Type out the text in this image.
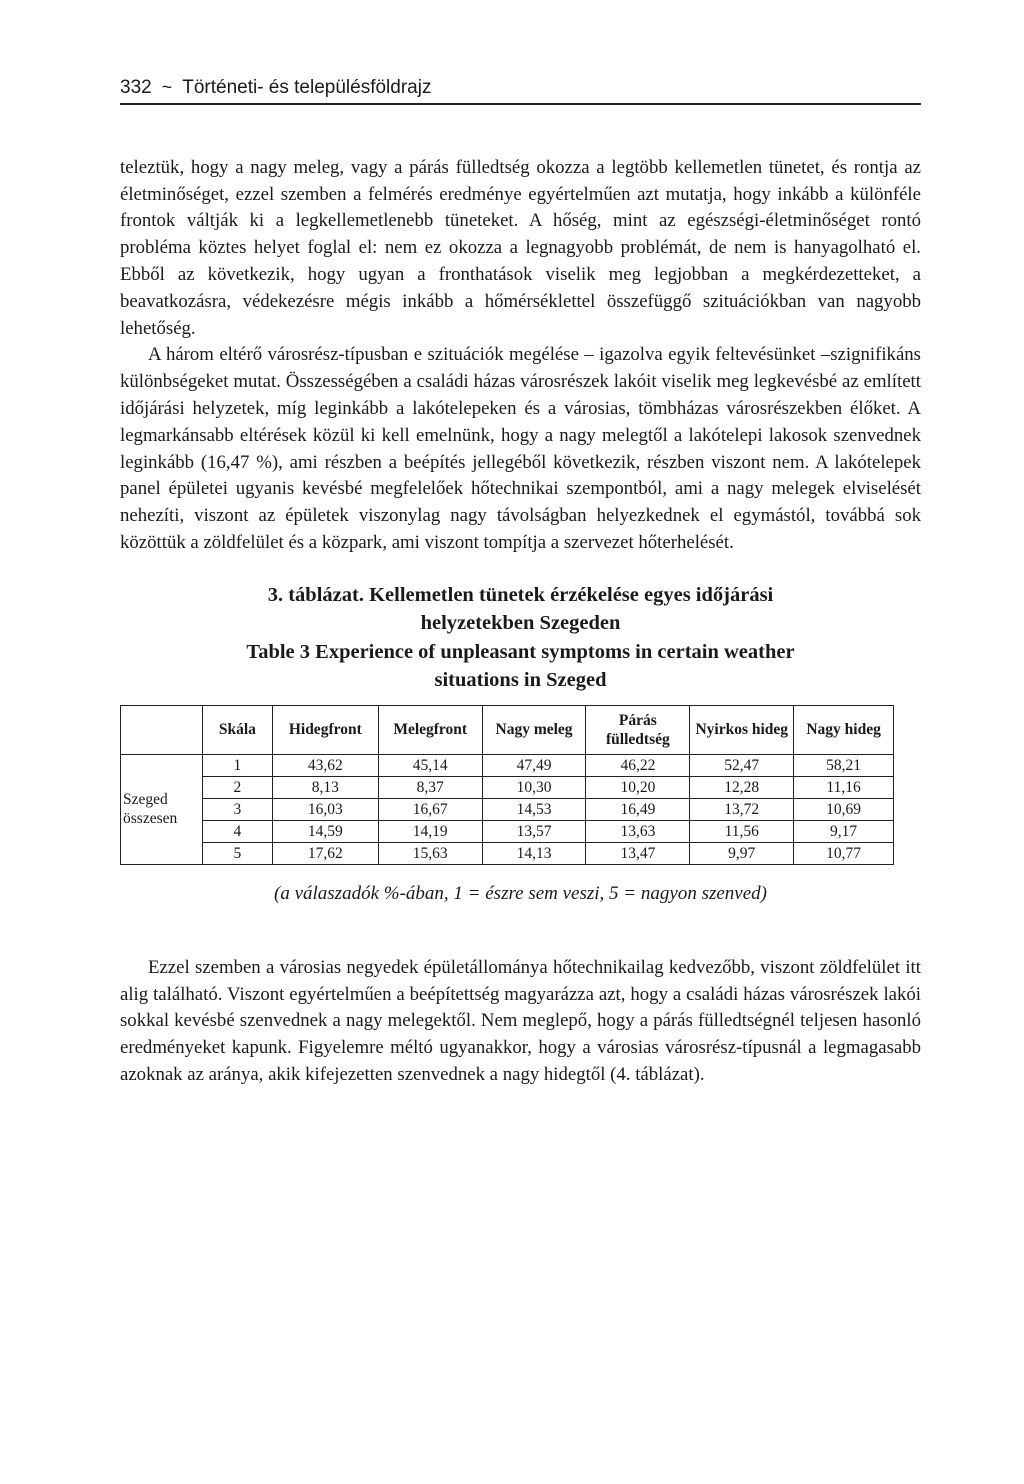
332 ~ Történeti- és településföldrajz

teleztük, hogy a nagy meleg, vagy a párás fülledtség okozza a legtöbb kellemetlen tünetet, és rontja az életminőséget, ezzel szemben a felmérés eredménye egyértelműen azt mutatja, hogy inkább a különféle frontok váltják ki a legkellemetlenebb tüneteket. A hőség, mint az egészségi-életminőséget rontó probléma köztes helyet foglal el: nem ez okozza a legnagyobb problémát, de nem is hanyagolható el. Ebből az következik, hogy ugyan a fronthatások viselik meg legjobban a megkérdezetteket, a beavatkozásra, védekezésre mégis inkább a hőmérséklettel összefüggő szituációkban van nagyobb lehetőség.

A három eltérő városrész-típusban e szituációk megélése – igazolva egyik feltevésünket –szignifikáns különbségeket mutat. Összességében a családi házas városrészek lakóit viselik meg legkevésbé az említett időjárási helyzetek, míg leginkább a lakótelepeken és a városias, tömbházas városrészekben élőket. A legmarkánsabb eltérések közül ki kell emelnünk, hogy a nagy melegtől a lakótelepi lakosok szenvednek leginkább (16,47 %), ami részben a beépítés jellegéből következik, részben viszont nem. A lakótelepek panel épületei ugyanis kevésbé megfelelőek hőtechnikai szempontból, ami a nagy melegek elviselését nehezíti, viszont az épületek viszonylag nagy távolságban helyezkednek el egymástól, továbbá sok közöttük a zöldfelület és a közpark, ami viszont tompítja a szervezet hőterhelését.

3. táblázat. Kellemetlen tünetek érzékelése egyes időjárási
helyzetekben Szegeden
Table 3 Experience of unpleasant symptoms in certain weather
situations in Szeged
	Skála	Hidegfront	Melegfront	Nagy meleg	Párás fülledtség	Nyirkos hideg	Nagy hideg
Szeged összesen	1	43,62	45,14	47,49	46,22	52,47	58,21
	2	8,13	8,37	10,30	10,20	12,28	11,16
	3	16,03	16,67	14,53	16,49	13,72	10,69
	4	14,59	14,19	13,57	13,63	11,56	9,17
	5	17,62	15,63	14,13	13,47	9,97	10,77
(a válaszadók %-ában, 1 = észre sem veszi, 5 = nagyon szenved)

Ezzel szemben a városias negyedek épületállománya hőtechnikailag kedvezőbb, viszont zöldfelület itt alig található. Viszont egyértelműen a beépítettség magyarázza azt, hogy a családi házas városrészek lakói sokkal kevésbé szenvednek a nagy melegektől. Nem meglepő, hogy a párás fülledtségnél teljesen hasonló eredményeket kapunk. Figyelemre méltó ugyanakkor, hogy a városias városrész-típusnál a legmagasabb azoknak az aránya, akik kifejezetten szenvednek a nagy hidegtől (4. táblázat).
